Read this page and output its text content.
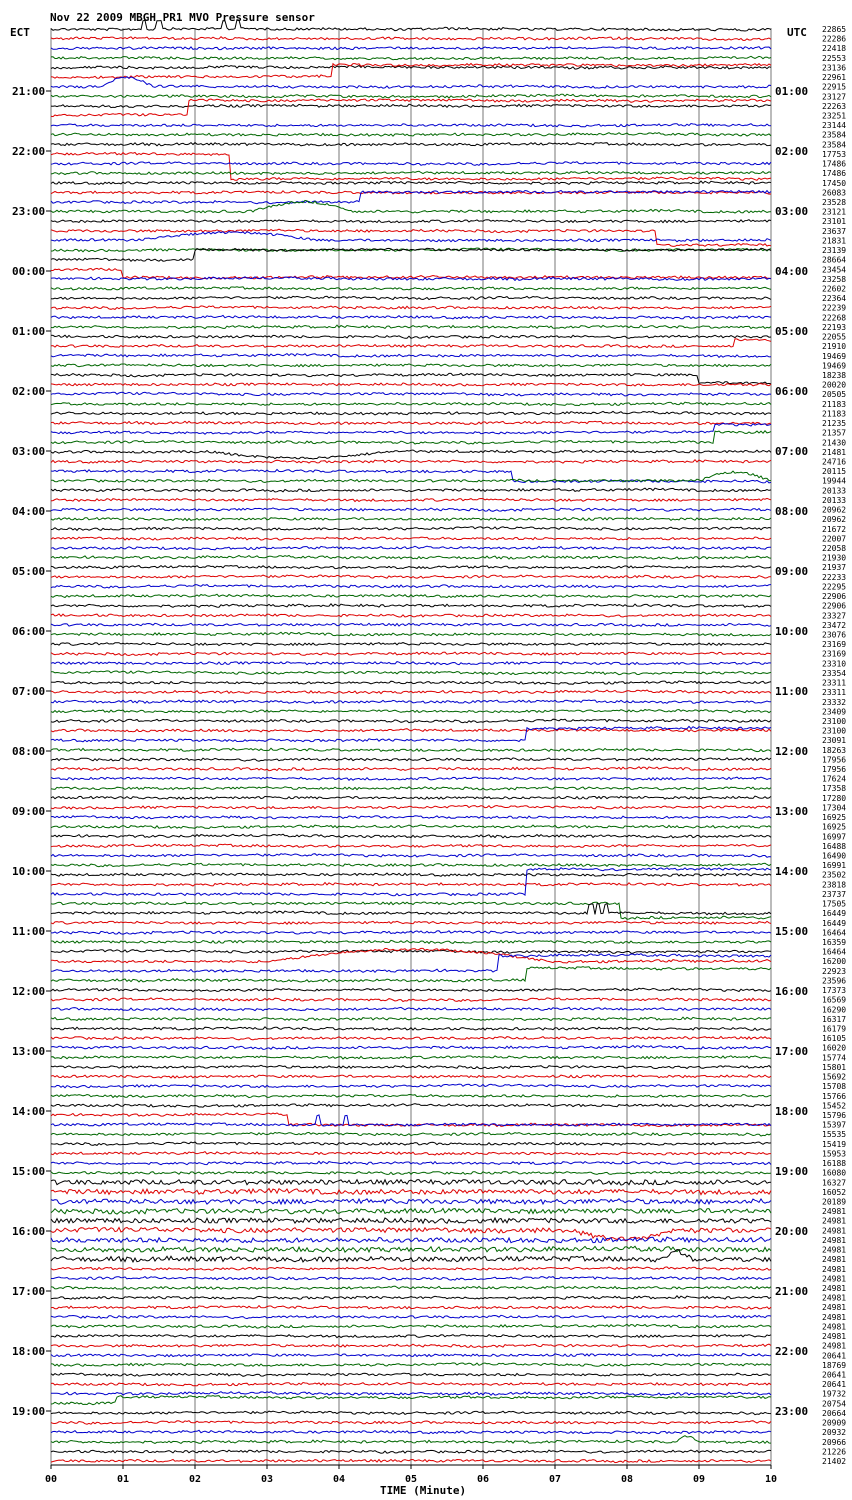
Nov 22 2009 MBGH PR1 MVO Pressure sensor
ECT	UTC
21:00
22:00
23:00
00:00
01:00
02:00
03:00
04:00
05:00
06:00
07:00
08:00
09:00
10:00
11:00
12:00
13:00
14:00
15:00
16:00
17:00
18:00
19:00
01:00
02:00
03:00
04:00
05:00
06:00
07:00
08:00
09:00
10:00
11:00
12:00
13:00
14:00
15:00
16:00
17:00
18:00
19:00
20:00
21:00
22:00
23:00
22865
22286
22418
22553
23136
22961
22915
23127
22263
23251
23144
23584
23584
17753
17486
17486
17450
26083
23528
23121
23101
23637
21831
23139
28664
23454
23258
22602
22364
22239
22268
22193
22055
21910
19469
19469
18238
20020
20505
21183
21183
21235
21357
21430
21481
24716
20115
19944
20133
20133
20962
20962
21672
22007
22058
21930
21937
22233
22295
22906
22906
23327
23472
23076
23169
23169
23310
23354
23311
23311
23332
23409
23100
23100
23091
18263
17956
17956
17624
17358
17280
17304
16925
16925
16997
16488
16490
16991
23502
23818
23737
17505
16449
16449
16464
16359
16464
16200
22923
23596
17373
16569
16290
16317
16179
16105
16020
15774
15801
15692
15708
15766
15452
15796
15397
15535
15419
15953
16188
16080
16327
16052
20189
24981
24981
24981
24981
24981
24981
24981
24981
24981
24981
24981
24981
24981
24981
24981
20641
18769
20641
20641
19732
20754
20664
20909
20932
20966
21226
21402
00	01	02	03	04	05	06	07	08	09	10
TIME (Minute)
